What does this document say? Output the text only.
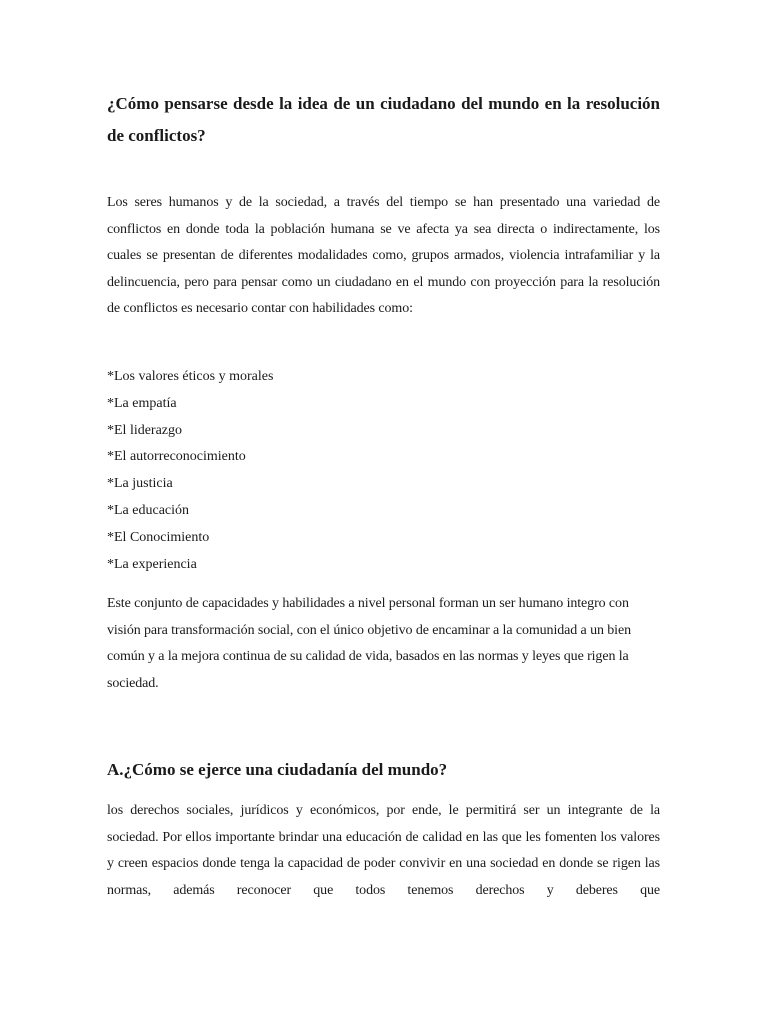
¿Cómo pensarse desde la idea de un ciudadano del mundo en la resolución de conflictos?

Los seres humanos y de la sociedad, a través del tiempo se han presentado una variedad de conflictos en donde toda la población humana se ve afecta ya sea directa o indirectamente, los cuales se presentan de diferentes modalidades como, grupos armados, violencia intrafamiliar y la delincuencia, pero para pensar como un ciudadano en el mundo con proyección para la resolución de conflictos es necesario contar con habilidades como:

*Los valores éticos y morales
*La empatía
*El liderazgo
*El autorreconocimiento
*La justicia
*La educación
*El Conocimiento
*La experiencia

Este conjunto de capacidades y habilidades a nivel personal forman un ser humano integro con visión para transformación social, con el único objetivo de encaminar a la comunidad a un bien común y a la mejora continua de su calidad de vida, basados en las normas y leyes que rigen la sociedad.

A.¿Cómo se ejerce una ciudadanía del mundo?

los derechos sociales, jurídicos y económicos, por ende, le permitirá ser un integrante de la sociedad. Por ellos importante brindar una educación de calidad en las que les fomenten los valores y creen espacios donde tenga la capacidad de poder convivir en una sociedad en donde se rigen las normas, además reconocer que todos tenemos derechos y deberes que
